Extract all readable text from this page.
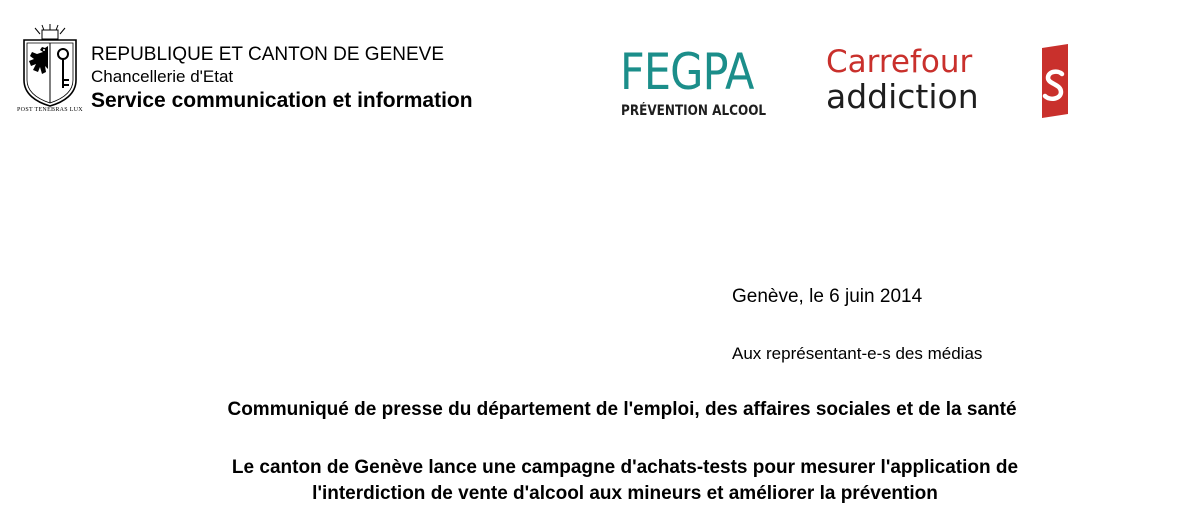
POST TENEBRAS LUX
REPUBLIQUE ET CANTON DE GENEVE
Chancellerie d'Etat
Service communication et information	FEGPA
PRÉVENTION ALCOOL
Carrefour
addiction
Genève, le 6 juin 2014
Aux représentant-e-s des médias
Communiqué de presse du département de l'emploi, des affaires sociales et de la santé
Le canton de Genève lance une campagne d'achats-tests pour mesurer l'application de
l'interdiction de vente d'alcool aux mineurs et améliorer la prévention
